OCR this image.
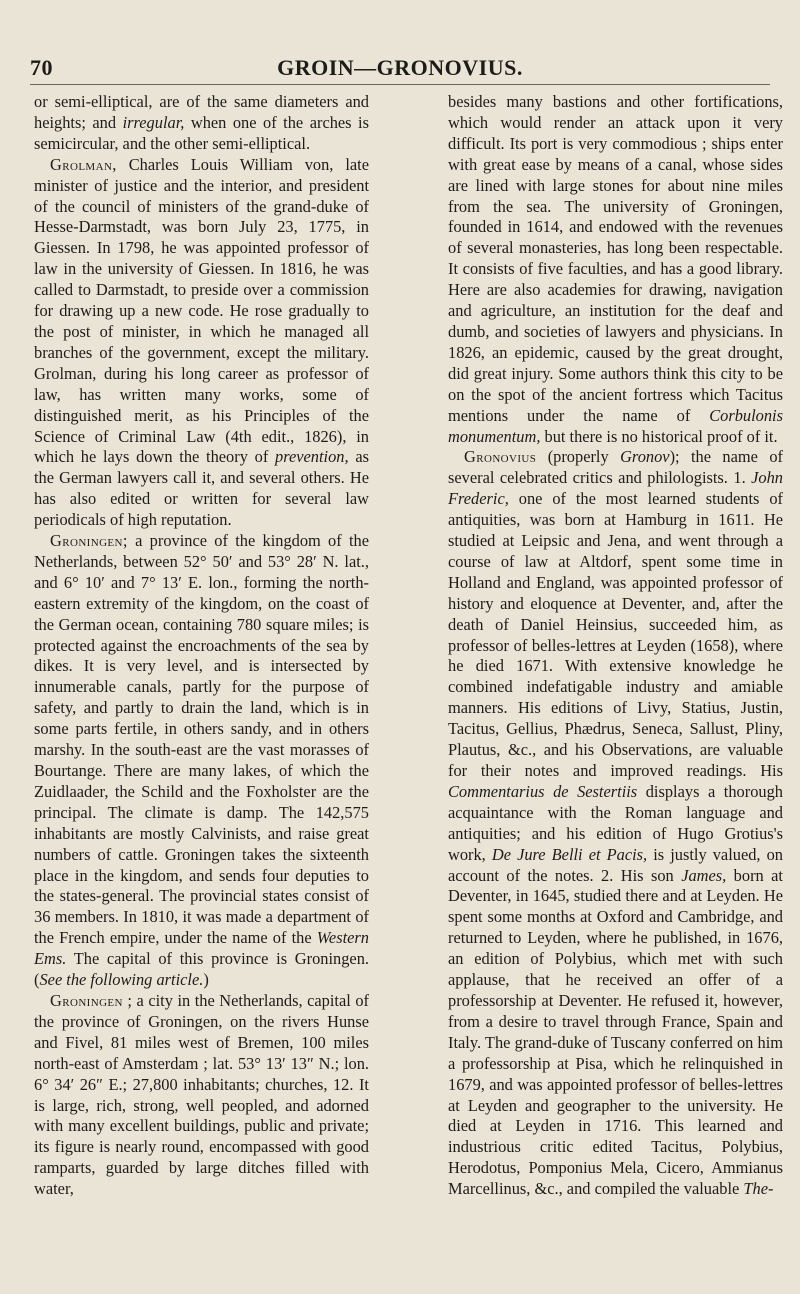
70	GROIN—GRONOVIUS.

or semi-elliptical, are of the same diameters and heights; and irregular, when one of the arches is semicircular, and the other semi-elliptical.

Grolman, Charles Louis William von, late minister of justice and the interior, and president of the council of ministers of the grand-duke of Hesse-Darmstadt, was born July 23, 1775, in Giessen. In 1798, he was appointed professor of law in the university of Giessen. In 1816, he was called to Darmstadt, to preside over a commission for drawing up a new code. He rose gradually to the post of minister, in which he managed all branches of the government, except the military. Grolman, during his long career as professor of law, has written many works, some of distinguished merit, as his Principles of the Science of Criminal Law (4th edit., 1826), in which he lays down the theory of prevention, as the German lawyers call it, and several others. He has also edited or written for several law periodicals of high reputation.

Groningen; a province of the kingdom of the Netherlands, between 52° 50′ and 53° 28′ N. lat., and 6° 10′ and 7° 13′ E. lon., forming the north-eastern extremity of the kingdom, on the coast of the German ocean, containing 780 square miles; is protected against the encroachments of the sea by dikes. It is very level, and is intersected by innumerable canals, partly for the purpose of safety, and partly to drain the land, which is in some parts fertile, in others sandy, and in others marshy. In the south-east are the vast morasses of Bourtange. There are many lakes, of which the Zuidlaader, the Schild and the Foxholster are the principal. The climate is damp. The 142,575 inhabitants are mostly Calvinists, and raise great numbers of cattle. Groningen takes the sixteenth place in the kingdom, and sends four deputies to the states-general. The provincial states consist of 36 members. In 1810, it was made a department of the French empire, under the name of the Western Ems. The capital of this province is Groningen. (See the following article.)

Groningen ; a city in the Netherlands, capital of the province of Groningen, on the rivers Hunse and Fivel, 81 miles west of Bremen, 100 miles north-east of Amsterdam ; lat. 53° 13′ 13″ N.; lon. 6° 34′ 26″ E.; 27,800 inhabitants; churches, 12. It is large, rich, strong, well peopled, and adorned with many excellent buildings, public and private; its figure is nearly round, encompassed with good ramparts, guarded by large ditches filled with water,

besides many bastions and other fortifications, which would render an attack upon it very difficult. Its port is very commodious ; ships enter with great ease by means of a canal, whose sides are lined with large stones for about nine miles from the sea. The university of Groningen, founded in 1614, and endowed with the revenues of several monasteries, has long been respectable. It consists of five faculties, and has a good library. Here are also academies for drawing, navigation and agriculture, an institution for the deaf and dumb, and societies of lawyers and physicians. In 1826, an epidemic, caused by the great drought, did great injury. Some authors think this city to be on the spot of the ancient fortress which Tacitus mentions under the name of Corbulonis monumentum, but there is no historical proof of it.

Gronovius (properly Gronov); the name of several celebrated critics and philologists. 1. John Frederic, one of the most learned students of antiquities, was born at Hamburg in 1611. He studied at Leipsic and Jena, and went through a course of law at Altdorf, spent some time in Holland and England, was appointed professor of history and eloquence at Deventer, and, after the death of Daniel Heinsius, succeeded him, as professor of belles-lettres at Leyden (1658), where he died 1671. With extensive knowledge he combined indefatigable industry and amiable manners. His editions of Livy, Statius, Justin, Tacitus, Gellius, Phædrus, Seneca, Sallust, Pliny, Plautus, &c., and his Observations, are valuable for their notes and improved readings. His Commentarius de Sestertiis displays a thorough acquaintance with the Roman language and antiquities; and his edition of Hugo Grotius's work, De Jure Belli et Pacis, is justly valued, on account of the notes. 2. His son James, born at Deventer, in 1645, studied there and at Leyden. He spent some months at Oxford and Cambridge, and returned to Leyden, where he published, in 1676, an edition of Polybius, which met with such applause, that he received an offer of a professorship at Deventer. He refused it, however, from a desire to travel through France, Spain and Italy. The grand-duke of Tuscany conferred on him a professorship at Pisa, which he relinquished in 1679, and was appointed professor of belles-lettres at Leyden and geographer to the university. He died at Leyden in 1716. This learned and industrious critic edited Tacitus, Polybius, Herodotus, Pomponius Mela, Cicero, Ammianus Marcellinus, &c., and compiled the valuable The-
